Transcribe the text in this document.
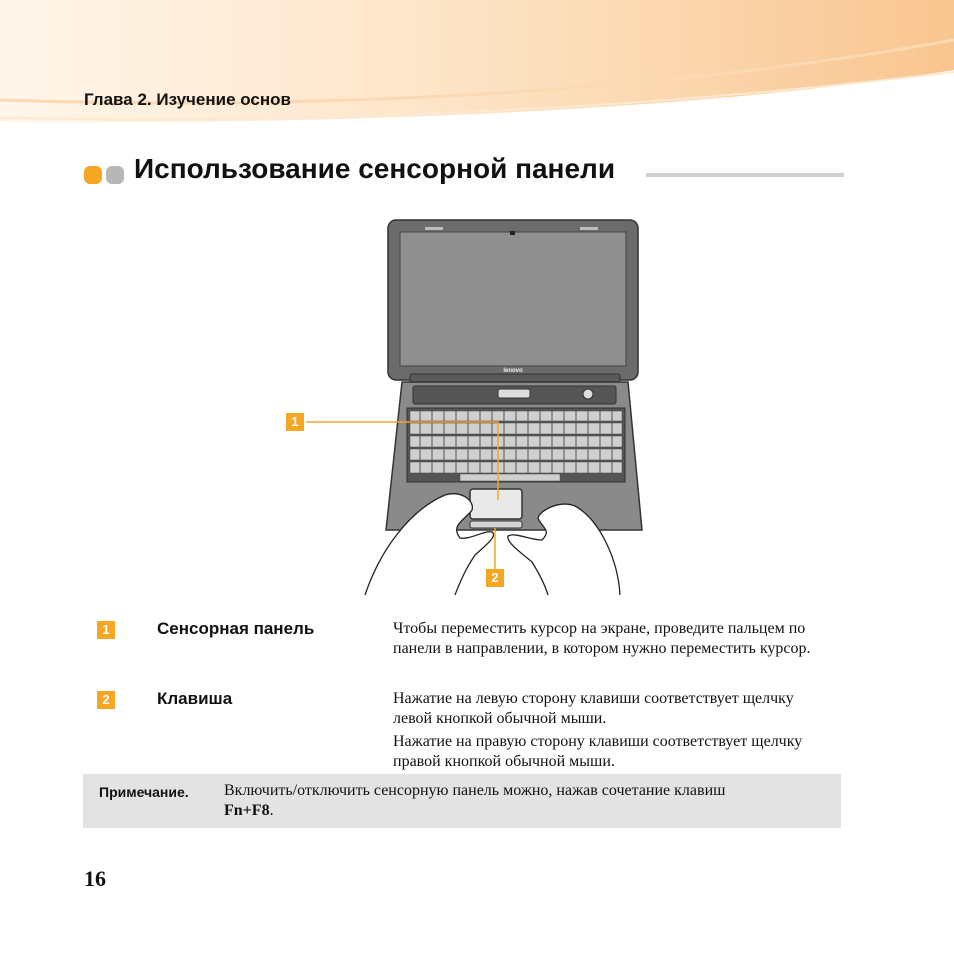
Глава 2. Изучение основ
Использование сенсорной панели
lenovo
1
2
1	Сенсорная панель	Чтобы переместить курсор на экране, проведите пальцем по панели в направлении, в котором нужно переместить курсор.

2	Клавиша	Нажатие на левую сторону клавиши соответствует щелчку левой кнопкой обычной мыши.

Нажатие на правую сторону клавиши соответствует щелчку правой кнопкой обычной мыши.

Примечание. Включить/отключить сенсорную панель можно, нажав сочетание клавиш
Fn+F8.
16
